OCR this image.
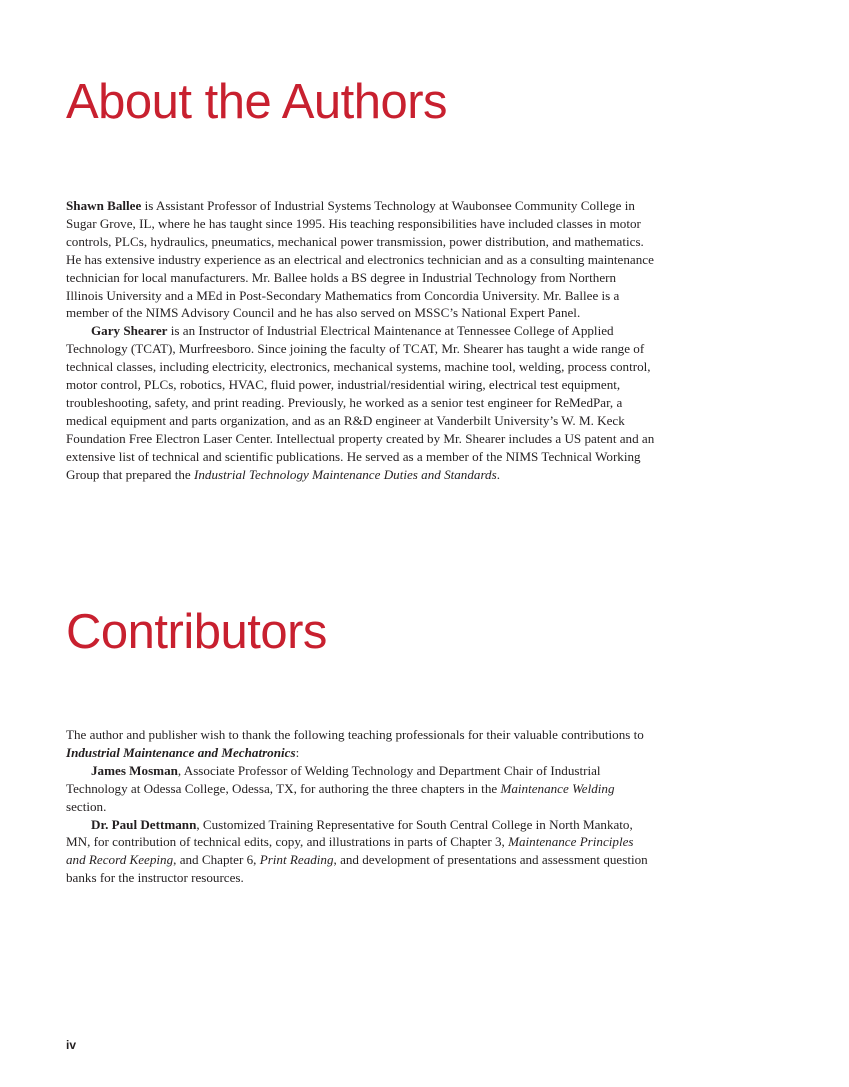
About the Authors

Shawn Ballee is Assistant Professor of Industrial Systems Technology at Waubonsee Community College in Sugar Grove, IL, where he has taught since 1995. His teaching responsibilities have included classes in motor controls, PLCs, hydraulics, pneumatics, mechanical power transmission, power distribution, and mathematics. He has extensive industry experience as an electrical and electronics technician and as a consulting maintenance technician for local manufacturers. Mr. Ballee holds a BS degree in Industrial Technology from Northern Illinois University and a MEd in Post-Secondary Mathematics from Concordia University. Mr. Ballee is a member of the NIMS Advisory Council and he has also served on MSSC’s National Expert Panel.

Gary Shearer is an Instructor of Industrial Electrical Maintenance at Tennessee College of Applied Technology (TCAT), Murfreesboro. Since joining the faculty of TCAT, Mr. Shearer has taught a wide range of technical classes, including electricity, electronics, mechanical systems, machine tool, welding, process control, motor control, PLCs, robotics, HVAC, fluid power, industrial/residential wiring, electrical test equipment, troubleshooting, safety, and print reading. Previously, he worked as a senior test engineer for ReMedPar, a medical equipment and parts organization, and as an R&D engineer at Vanderbilt University’s W. M. Keck Foundation Free Electron Laser Center. Intellectual property created by Mr. Shearer includes a US patent and an extensive list of technical and scientific publications. He served as a member of the NIMS Technical Working Group that prepared the Industrial Technology Maintenance Duties and Standards.

Contributors

The author and publisher wish to thank the following teaching professionals for their valuable contributions to Industrial Maintenance and Mechatronics:

James Mosman, Associate Professor of Welding Technology and Department Chair of Industrial Technology at Odessa College, Odessa, TX, for authoring the three chapters in the Maintenance Welding section.

Dr. Paul Dettmann, Customized Training Representative for South Central College in North Mankato, MN, for contribution of technical edits, copy, and illustrations in parts of Chapter 3, Maintenance Principles and Record Keeping, and Chapter 6, Print Reading, and development of presentations and assessment question banks for the instructor resources.

iv
